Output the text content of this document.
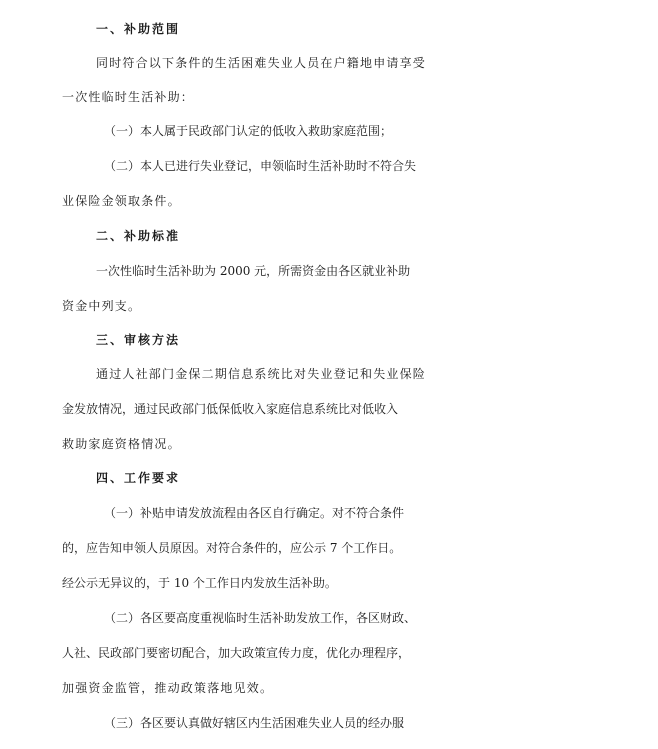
一、补助范围
同时符合以下条件的生活困难失业人员在户籍地申请享受
一次性临时生活补助：
（一）本人属于民政部门认定的低收入救助家庭范围；
（二）本人已进行失业登记，申领临时生活补助时不符合失
业保险金领取条件。
二、补助标准
一次性临时生活补助为 2000 元，所需资金由各区就业补助
资金中列支。
三、审核方法
通过人社部门金保二期信息系统比对失业登记和失业保险
金发放情况，通过民政部门低保低收入家庭信息系统比对低收入
救助家庭资格情况。
四、工作要求
（一）补贴申请发放流程由各区自行确定。对不符合条件
的，应告知申领人员原因。对符合条件的，应公示 7 个工作日。
经公示无异议的，于 10 个工作日内发放生活补助。
（二）各区要高度重视临时生活补助发放工作，各区财政、
人社、民政部门要密切配合，加大政策宣传力度，优化办理程序，
加强资金监管，推动政策落地见效。
（三）各区要认真做好辖区内生活困难失业人员的经办服
